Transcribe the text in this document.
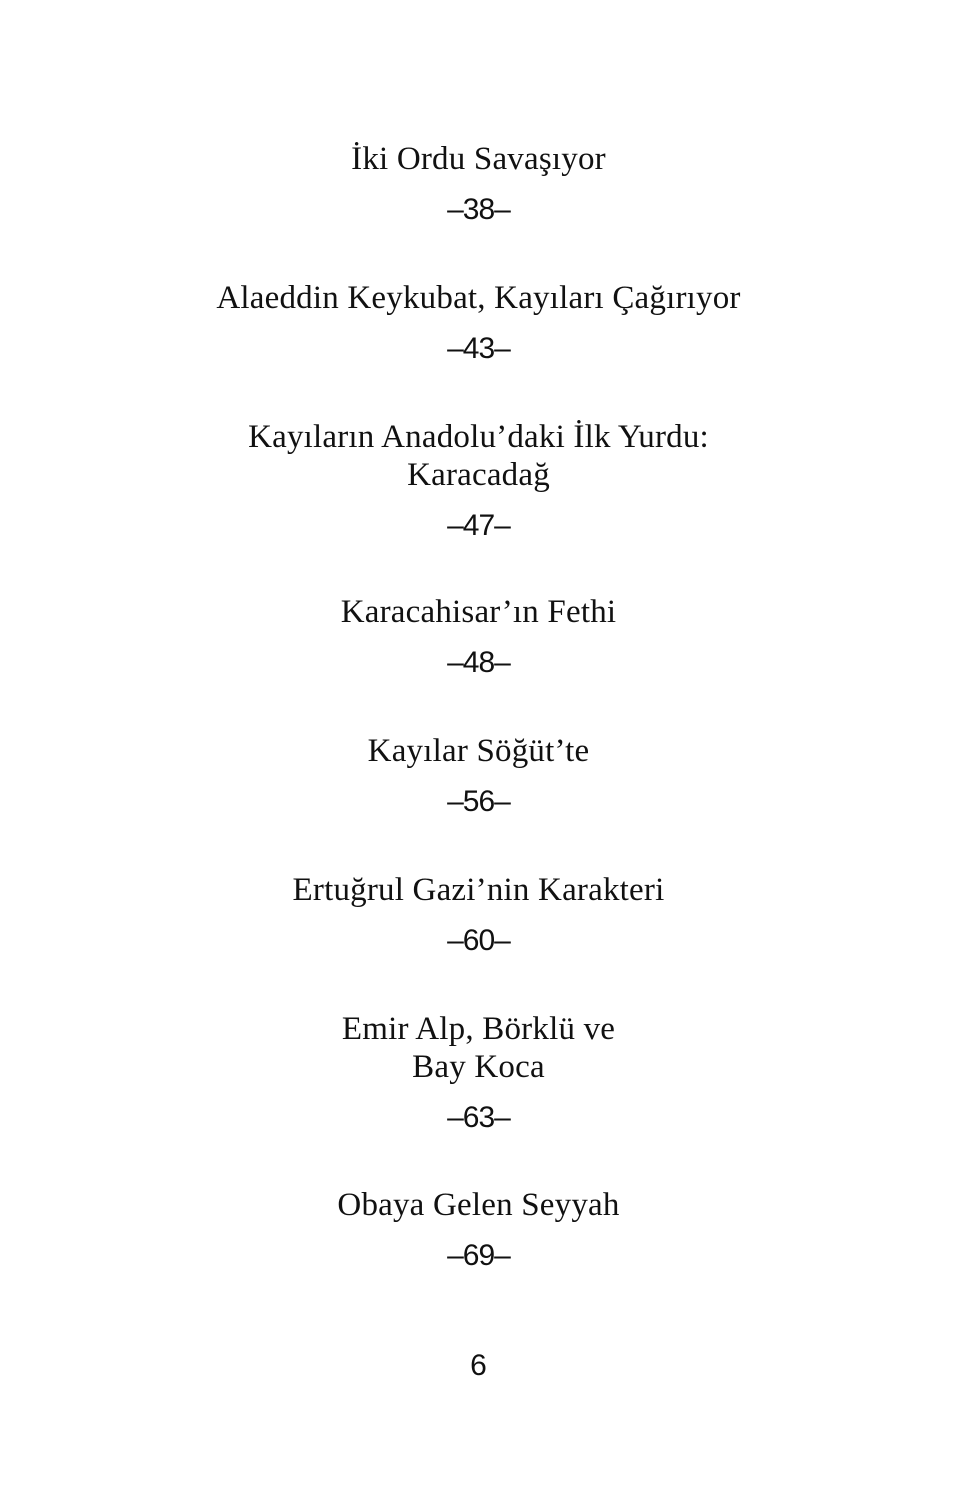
İki Ordu Savaşıyor

–38–

Alaeddin Keykubat, Kayıları Çağırıyor

–43–

Kayıların Anadolu’daki İlk Yurdu:
Karacadağ

–47–

Karacahisar’ın Fethi

–48–

Kayılar Söğüt’te

–56–

Ertuğrul Gazi’nin Karakteri

–60–

Emir Alp, Börklü ve
Bay Koca

–63–

Obaya Gelen Seyyah

–69–
6
